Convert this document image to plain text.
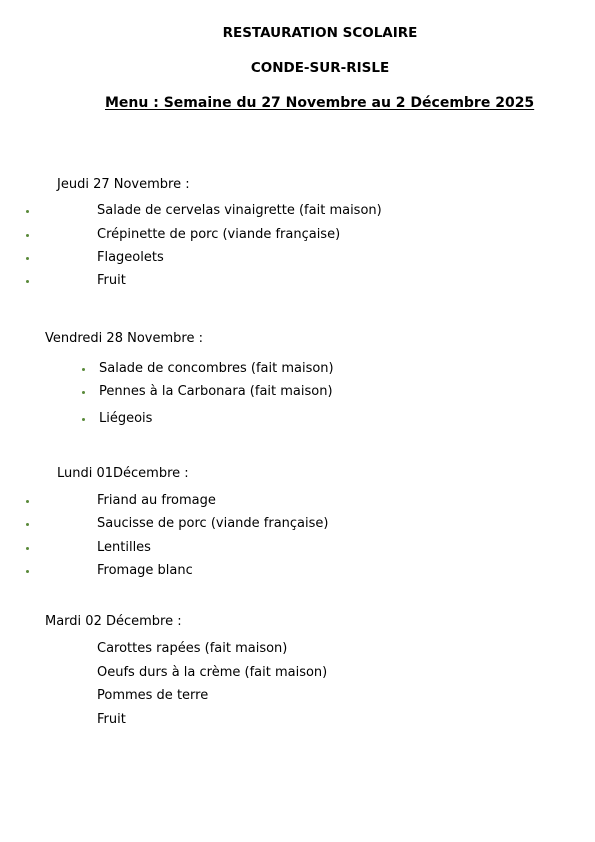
RESTAURATION SCOLAIRE
CONDE-SUR-RISLE
Menu : Semaine du 27 Novembre au 2 Décembre 2025
Jeudi 27 Novembre :
Salade de cervelas vinaigrette (fait maison)
Crépinette de porc (viande française)
Flageolets
Fruit
Vendredi 28 Novembre :
Salade de concombres (fait maison)
Pennes à la Carbonara (fait maison)
Liégeois
Lundi 01Décembre :
Friand au fromage
Saucisse de porc (viande française)
Lentilles
Fromage blanc
Mardi 02 Décembre :
Carottes rapées (fait maison)
Oeufs durs à la crème (fait maison)
Pommes de terre
Fruit
